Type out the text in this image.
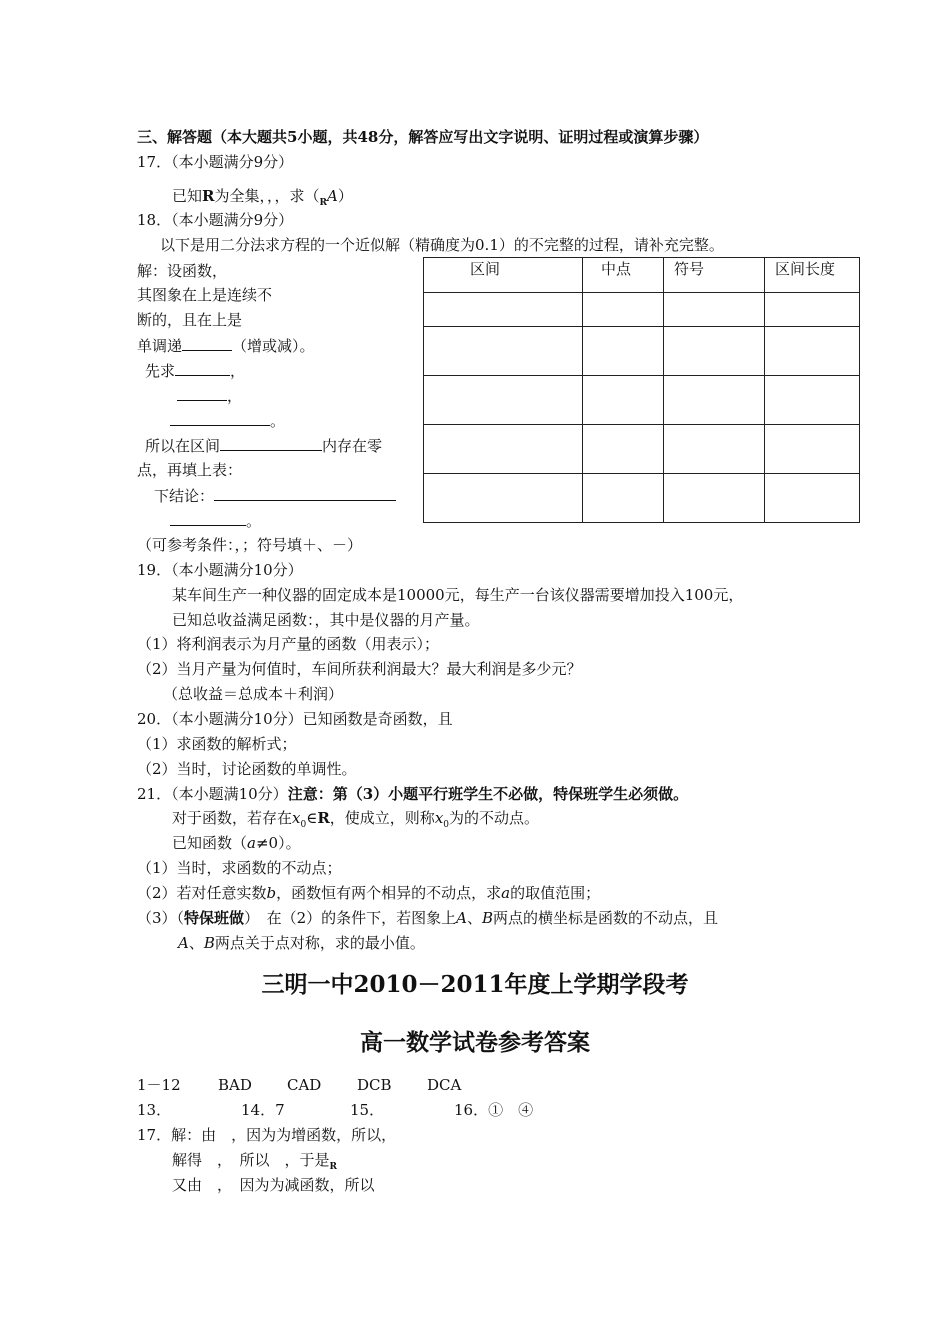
三、解答题（本大题共5小题，共48分，解答应写出文字说明、证明过程或演算步骤）
17．（本小题满分9分）
已知R为全集，，，求$(_RA)$
18．（本小题满分9分）
以下是用二分法求方程的一个近似解（精确度为0.1）的不完整的过程，请补充完整。
解：设函数，
其图象在上是连续不
断的，且在上是
单调递	（增或减）。
先求	，
，
。
所以在区间	内存在零
点，再填上表：
下结论：
。
（可参考条件：，；符号填＋、－）
区间	中点	符号	区间长度

19．（本小题满分10分）
某车间生产一种仪器的固定成本是10000元，每生产一台该仪器需要增加投入100元，
已知总收益满足函数：，其中是仪器的月产量。
（1）将利润表示为月产量的函数（用表示）；
（2）当月产量为何值时，车间所获利润最大？最大利润是多少元？
（总收益＝总成本＋利润）
20．（本小题满分10分）已知函数是奇函数，且
（1）求函数的解析式；
（2）当时，讨论函数的单调性。
21．（本小题满10分）注意：第（3）小题平行班学生不必做，特保班学生必须做。
对于函数，若存在$x_0\in R$，使成立，则称$x_0$为的不动点。
已知函数（a≠0）。
（1）当时，求函数的不动点；
（2）若对任意实数b，函数恒有两个相异的不动点，求a的取值范围；
（3）（特保班做）　在（2）的条件下，若图象上A、B两点的横坐标是函数的不动点，且
A、B两点关于点对称，求的最小值。
三明一中2010－2011年度上学期学段考
高一数学试卷参考答案
1－12 BAD CAD DCB DCA
13．	14．7	15．	16．①　④
17．解：由　，因为为增函数，所以，
解得　，　所以　，于是$_R$
又由　，　因为为减函数，所以
